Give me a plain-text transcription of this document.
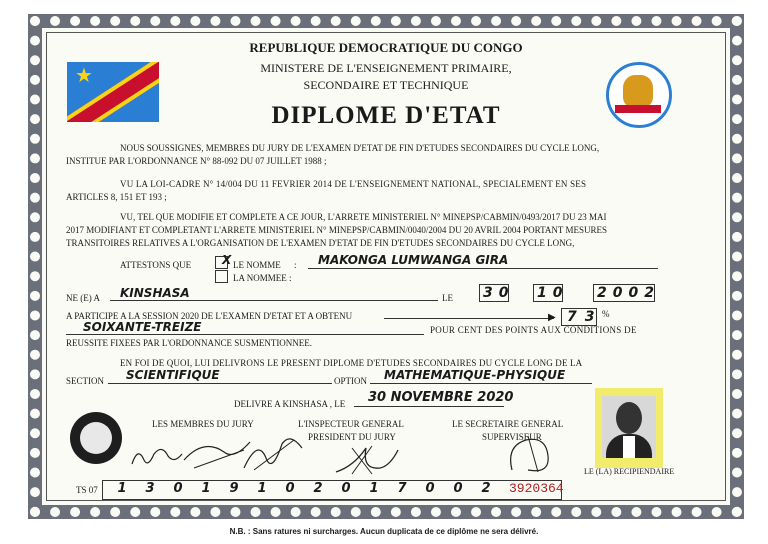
★
REPUBLIQUE DEMOCRATIQUE DU CONGO
MINISTERE DE L'ENSEIGNEMENT PRIMAIRE,
SECONDAIRE ET TECHNIQUE
DIPLOME D'ETAT
NOUS SOUSSIGNES, MEMBRES DU JURY DE L'EXAMEN D'ETAT DE FIN D'ETUDES SECONDAIRES DU CYCLE LONG,
INSTITUE PAR L'ORDONNANCE N° 88-092 DU 07 JUILLET 1988 ;
VU LA LOI-CADRE N° 14/004 DU 11 FEVRIER 2014 DE L'ENSEIGNEMENT NATIONAL, SPECIALEMENT EN SES
ARTICLES 8, 151 ET 193 ;
VU, TEL QUE MODIFIE ET COMPLETE A CE JOUR, L'ARRETE MINISTERIEL N° MINEPSP/CABMIN/0493/2017 DU 23 MAI
2017 MODIFIANT ET COMPLETANT L'ARRETE MINISTERIEL N° MINEPSP/CABMIN/0040/2004 DU 20 AVRIL 2004 PORTANT MESURES
TRANSITOIRES RELATIVES A L'ORGANISATION DE L'EXAMEN D'ETAT DE FIN D'ETUDES SECONDAIRES DU CYCLE LONG,
ATTESTONS QUE	X LE NOMME :
LA NOMMEE :
MAKONGA LUMWANGA GIRA
NE (E) A KINSHASA	LE 30 10 2002
A PARTICIPE A LA SESSION 2020 DE L'EXAMEN D'ETAT ET A OBTENU	▶ 73 %
SOIXANTE-TREIZE	POUR CENT DES POINTS AUX CONDITIONS DE
REUSSITE FIXEES PAR L'ORDONNANCE SUSMENTIONNEE.
EN FOI DE QUOI, LUI DELIVRONS LE PRESENT DIPLOME D'ETUDES SECONDAIRES DU CYCLE LONG DE LA
SECTION SCIENTIFIQUE	OPTION MATHEMATIQUE-PHYSIQUE
DELIVRE A KINSHASA , LE 30 NOVEMBRE 2020
LES MEMBRES DU JURY	L'INSPECTEUR GENERAL
PRESIDENT DU JURY
LE SECRETAIRE GENERAL
SUPERVISEUR
LE (LA) RECIPIENDAIRE
TS 07	1	3	0	1	9	1	0	2	0	1	7	0	0	2	3920364
N.B. : Sans ratures ni surcharges. Aucun duplicata de ce diplôme ne sera délivré.
